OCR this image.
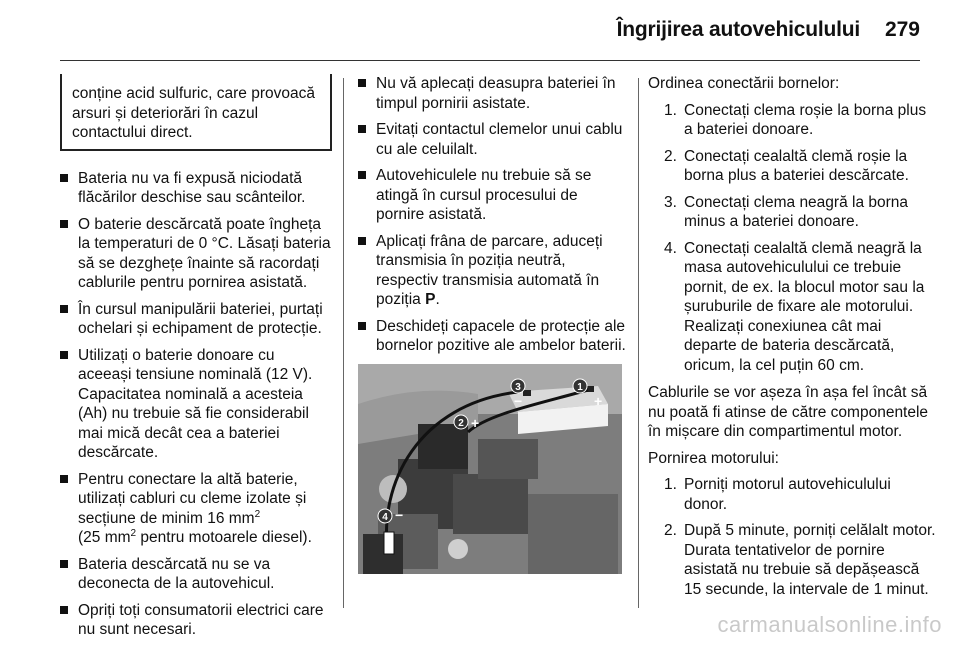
Îngrijirea autovehiculului 279
conține acid sulfuric, care provoacă arsuri și deteriorări în cazul contactului direct.
Bateria nu va fi expusă niciodată flăcărilor deschise sau scânteilor.
O baterie descărcată poate îngheța la temperaturi de 0 °C. Lăsați bateria să se dezghețe înainte să racordați cablurile pentru pornirea asistată.
În cursul manipulării bateriei, purtați ochelari și echipament de protecție.
Utilizați o baterie donoare cu aceeași tensiune nominală (12 V). Capacitatea nominală a acesteia (Ah) nu trebuie să fie considerabil mai mică decât cea a bateriei descărcate.
Pentru conectare la altă baterie, utilizați cabluri cu cleme izolate și secțiune de minim 16 $mm^2$
(25 $mm^2$ pentru motoarele diesel).
Bateria descărcată nu se va deconecta de la autovehicul.
Opriți toți consumatorii electrici care nu sunt necesari.
Nu vă aplecați deasupra bateriei în timpul pornirii asistate.
Evitați contactul clemelor unui cablu cu ale celuilalt.
Autovehiculele nu trebuie să se atingă în cursul procesului de pornire asistată.
Aplicați frâna de parcare, aduceți transmisia în poziția neutră, respectiv transmisia automată în poziția P.
Deschideți capacele de protecție ale bornelor pozitive ale ambelor baterii.
1
+
3
−
2 +
4 −

Ordinea conectării bornelor:

1. Conectați clema roșie la borna plus a bateriei donoare.
2. Conectați cealaltă clemă roșie la borna plus a bateriei descărcate.
3. Conectați clema neagră la borna minus a bateriei donoare.
4. Conectați cealaltă clemă neagră la masa autovehiculului ce trebuie pornit, de ex. la blocul motor sau la șuruburile de fixare ale motorului. Realizați conexiunea cât mai departe de bateria descărcată, oricum, la cel puțin 60 cm.

Cablurile se vor așeza în așa fel încât să nu poată fi atinse de către componentele în mișcare din compartimentul motor.

Pornirea motorului:

1. Porniți motorul autovehiculului donor.
2. După 5 minute, porniți celălalt motor. Durata tentativelor de pornire asistată nu trebuie să depășească 15 secunde, la intervale de 1 minut.
carmanualsonline.info
